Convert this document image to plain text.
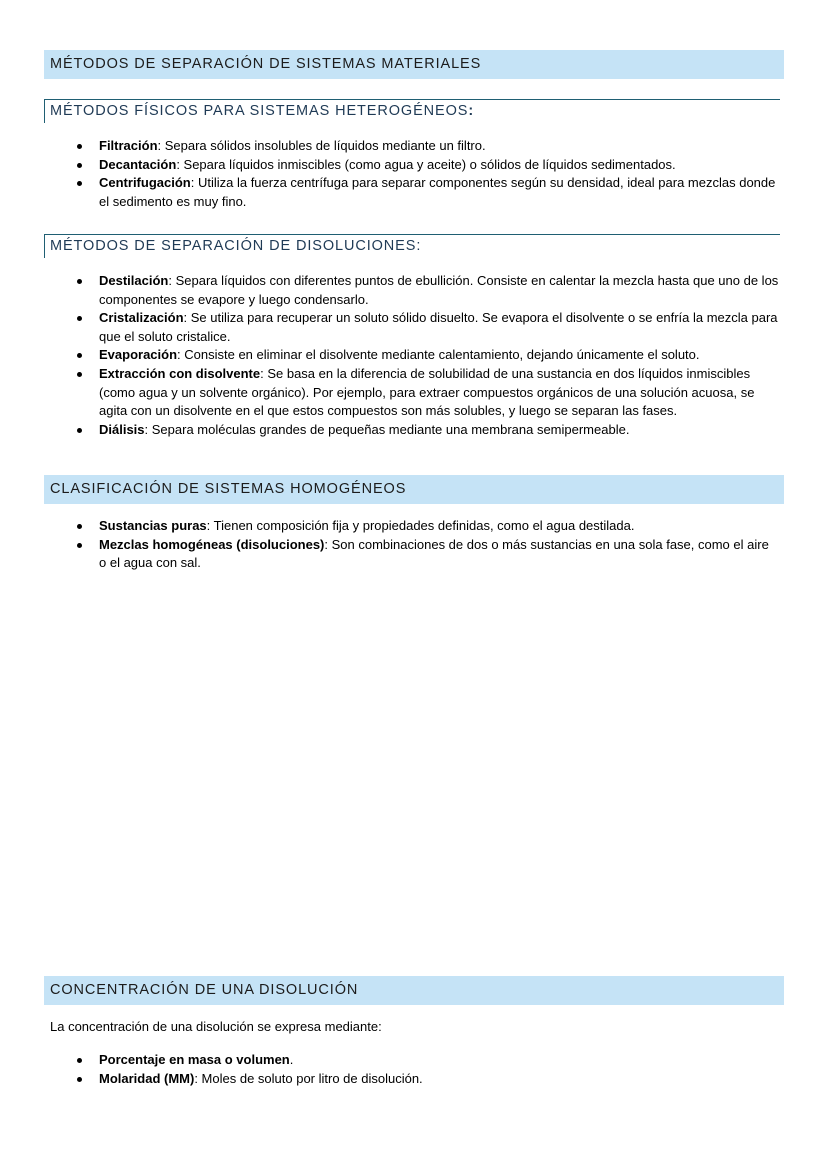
MÉTODOS DE SEPARACIÓN DE SISTEMAS MATERIALES
MÉTODOS FÍSICOS PARA SISTEMAS HETEROGÉNEOS:
Filtración: Separa sólidos insolubles de líquidos mediante un filtro.
Decantación: Separa líquidos inmiscibles (como agua y aceite) o sólidos de líquidos sedimentados.
Centrifugación: Utiliza la fuerza centrífuga para separar componentes según su densidad, ideal para mezclas donde el sedimento es muy fino.
MÉTODOS DE SEPARACIÓN DE DISOLUCIONES:
Destilación: Separa líquidos con diferentes puntos de ebullición. Consiste en calentar la mezcla hasta que uno de los componentes se evapore y luego condensarlo.
Cristalización: Se utiliza para recuperar un soluto sólido disuelto. Se evapora el disolvente o se enfría la mezcla para que el soluto cristalice.
Evaporación: Consiste en eliminar el disolvente mediante calentamiento, dejando únicamente el soluto.
Extracción con disolvente: Se basa en la diferencia de solubilidad de una sustancia en dos líquidos inmiscibles (como agua y un solvente orgánico). Por ejemplo, para extraer compuestos orgánicos de una solución acuosa, se agita con un disolvente en el que estos compuestos son más solubles, y luego se separan las fases.
Diálisis: Separa moléculas grandes de pequeñas mediante una membrana semipermeable.
CLASIFICACIÓN DE SISTEMAS HOMOGÉNEOS
Sustancias puras: Tienen composición fija y propiedades definidas, como el agua destilada.
Mezclas homogéneas (disoluciones): Son combinaciones de dos o más sustancias en una sola fase, como el aire o el agua con sal.
CONCENTRACIÓN DE UNA DISOLUCIÓN
La concentración de una disolución se expresa mediante:
Porcentaje en masa o volumen.
Molaridad (MM): Moles de soluto por litro de disolución.
